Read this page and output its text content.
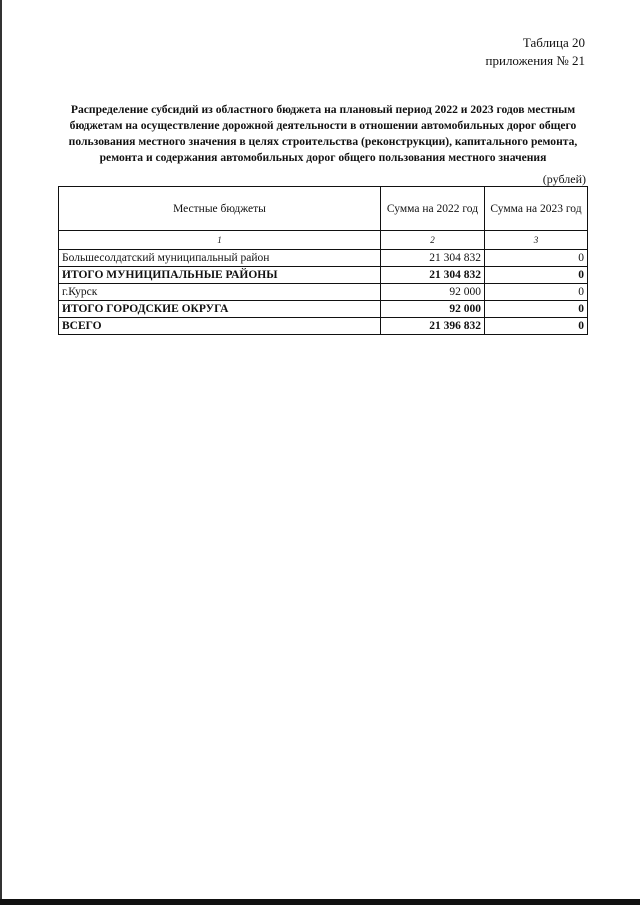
Таблица 20
приложения № 21
Распределение субсидий из областного бюджета на плановый период 2022 и 2023 годов местным бюджетам на осуществление дорожной деятельности в отношении автомобильных дорог общего пользования местного значения в целях строительства (реконструкции), капитального ремонта, ремонта и содержания автомобильных дорог общего пользования местного значения
(рублей)
Местные бюджеты	Сумма на 2022 год	Сумма на 2023 год
1	2	3
Большесолдатский муниципальный район	21 304 832	0
ИТОГО МУНИЦИПАЛЬНЫЕ РАЙОНЫ	21 304 832	0
г.Курск	92 000	0
ИТОГО ГОРОДСКИЕ ОКРУГА	92 000	0
ВСЕГО	21 396 832	0
